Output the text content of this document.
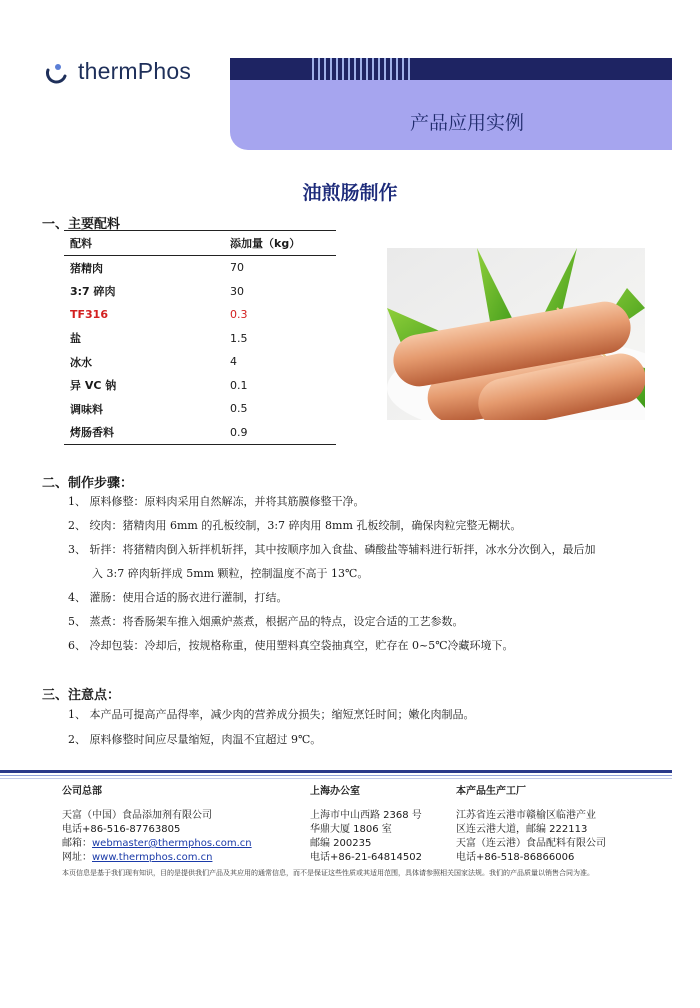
thermPhos
产品应用实例
油煎肠制作
一、主要配料
配料	添加量（kg）
猪精肉	70
3:7 碎肉	30
TF316	0.3
盐	1.5
冰水	4
异 VC 钠	0.1
调味料	0.5
烤肠香料	0.9
二、制作步骤：
1、 原料修整：原料肉采用自然解冻，并将其筋膜修整干净。
2、 绞肉：猪精肉用 6mm 的孔板绞制，3:7 碎肉用 8mm 孔板绞制，确保肉粒完整无糊状。
3、 斩拌：将猪精肉倒入斩拌机斩拌，其中按顺序加入食盐、磷酸盐等辅料进行斩拌，冰水分次倒入，最后加
入 3:7 碎肉斩拌成 5mm 颗粒，控制温度不高于 13℃。
4、 灌肠：使用合适的肠衣进行灌制，打结。
5、 蒸煮：将香肠架车推入烟熏炉蒸煮，根据产品的特点，设定合适的工艺参数。
6、 冷却包装：冷却后，按规格称重，使用塑料真空袋抽真空，贮存在 0~5℃冷藏环境下。
三、注意点：
1、 本产品可提高产品得率，减少肉的营养成分损失；缩短烹饪时间；嫩化肉制品。
2、 原料修整时间应尽量缩短，肉温不宜超过 9℃。
公司总部
天富（中国）食品添加剂有限公司
电话+86-516-87763805
邮箱：webmaster@thermphos.com.cn
网址：www.thermphos.com.cn
上海办公室
上海市中山西路 2368 号
华鼎大厦 1806 室
邮编 200235
电话+86-21-64814502
本产品生产工厂
江苏省连云港市赣榆区临港产业
区连云港大道，邮编 222113
天富（连云港）食品配料有限公司
电话+86-518-86866006
本页信息是基于我们现有知识，目的是提供我们产品及其应用的通常信息，而不是保证这些性质或其适用范围，具体请参照相关国家法规。我们的产品质量以销售合同为准。
